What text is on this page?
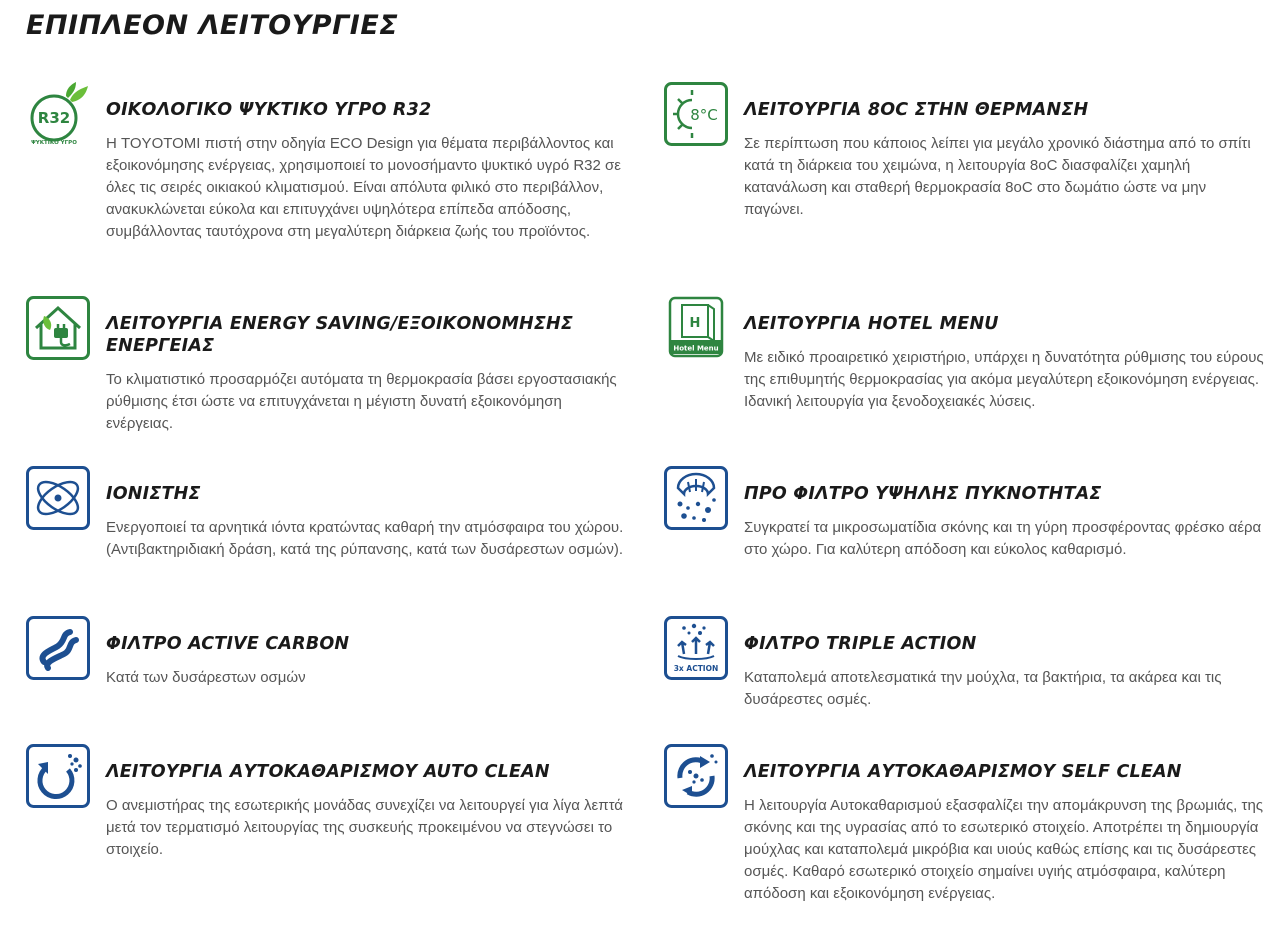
ΕΠΙΠΛΕΟΝ ΛΕΙΤΟΥΡΓΙΕΣ
R32
ΨΥΚΤΙΚΟ ΥΓΡΟ
ΟΙΚΟΛΟΓΙΚΟ ΨΥΚΤΙΚΟ ΥΓΡΟ R32

Η TOYOTOMI πιστή στην οδηγία ECO Design για θέματα περιβάλλοντος και εξοικονόμησης ενέργειας, χρησιμοποιεί το μονοσήμαντο ψυκτικό υγρό R32 σε όλες τις σειρές οικιακού κλιματισμού. Είναι απόλυτα φιλικό στο περιβάλλον, ανακυκλώνεται εύκολα και επιτυγχάνει υψηλότερα επίπεδα απόδοσης, συμβάλλοντας ταυτόχρονα στη μεγαλύτερη διάρκεια ζωής του προϊόντος.

8°C ΛΕΙΤΟΥΡΓΙΑ 8ΟC ΣΤΗΝ ΘΕΡΜΑΝΣΗ

Σε περίπτωση που κάποιος λείπει για μεγάλο χρονικό διάστημα από το σπίτι κατά τη διάρκεια του χειμώνα, η λειτουργία 8οC διασφαλίζει χαμηλή κατανάλωση και σταθερή θερμοκρασία 8οC στο δωμάτιο ώστε να μην παγώνει.

ΛΕΙΤΟΥΡΓΙΑ ENERGY SAVING/ΕΞΟΙΚΟΝΟΜΗΣΗΣ ΕΝΕΡΓΕΙΑΣ

Το κλιματιστικό προσαρμόζει αυτόματα τη θερμοκρασία βάσει εργοστασιακής ρύθμισης έτσι ώστε να επιτυγχάνεται η μέγιστη δυνατή εξοικονόμηση ενέργειας.

H
Hotel Menu
ΛΕΙΤΟΥΡΓΙΑ HOTEL MENU

Με ειδικό προαιρετικό χειριστήριο, υπάρχει η δυνατότητα ρύθμισης του εύρους της επιθυμητής θερμοκρασίας για ακόμα μεγαλύτερη εξοικονόμηση ενέργειας. Ιδανική λειτουργία για ξενοδοχειακές λύσεις.

ΙΟΝΙΣΤΗΣ

Ενεργοποιεί τα αρνητικά ιόντα κρατώντας καθαρή την ατμόσφαιρα του χώρου. (Αντιβακτηριδιακή δράση, κατά της ρύπανσης, κατά των δυσάρεστων οσμών).

ΠΡΟ ΦΙΛΤΡΟ ΥΨΗΛΗΣ ΠΥΚΝΟΤΗΤΑΣ

Συγκρατεί τα μικροσωματίδια σκόνης και τη γύρη προσφέροντας φρέσκο αέρα στο χώρο. Για καλύτερη απόδοση και εύκολος καθαρισμό.

ΦΙΛΤΡΟ ACTIVE CARBON

Κατά των δυσάρεστων οσμών

3x ACTION
ΦΙΛΤΡΟ TRIPLE ACTION

Καταπολεμά αποτελεσματικά την μούχλα, τα βακτήρια, τα ακάρεα και τις δυσάρεστες οσμές.

ΛΕΙΤΟΥΡΓΙΑ ΑΥΤΟΚΑΘΑΡΙΣΜΟΥ AUTO CLEAN

Ο ανεμιστήρας της εσωτερικής μονάδας συνεχίζει να λειτουργεί για λίγα λεπτά μετά τον τερματισμό λειτουργίας της συσκευής προκειμένου να στεγνώσει το στοιχείο.

ΛΕΙΤΟΥΡΓΙΑ ΑΥΤΟΚΑΘΑΡΙΣΜΟΥ SELF CLEAN

Η λειτουργία Αυτοκαθαρισμού εξασφαλίζει την απομάκρυνση της βρωμιάς, της σκόνης και της υγρασίας από το εσωτερικό στοιχείο. Αποτρέπει τη δημιουργία μούχλας και καταπολεμά μικρόβια και υιούς καθώς επίσης και τις δυσάρεστες οσμές. Καθαρό εσωτερικό στοιχείο σημαίνει υγιής ατμόσφαιρα, καλύτερη απόδοση και εξοικονόμηση ενέργειας.
